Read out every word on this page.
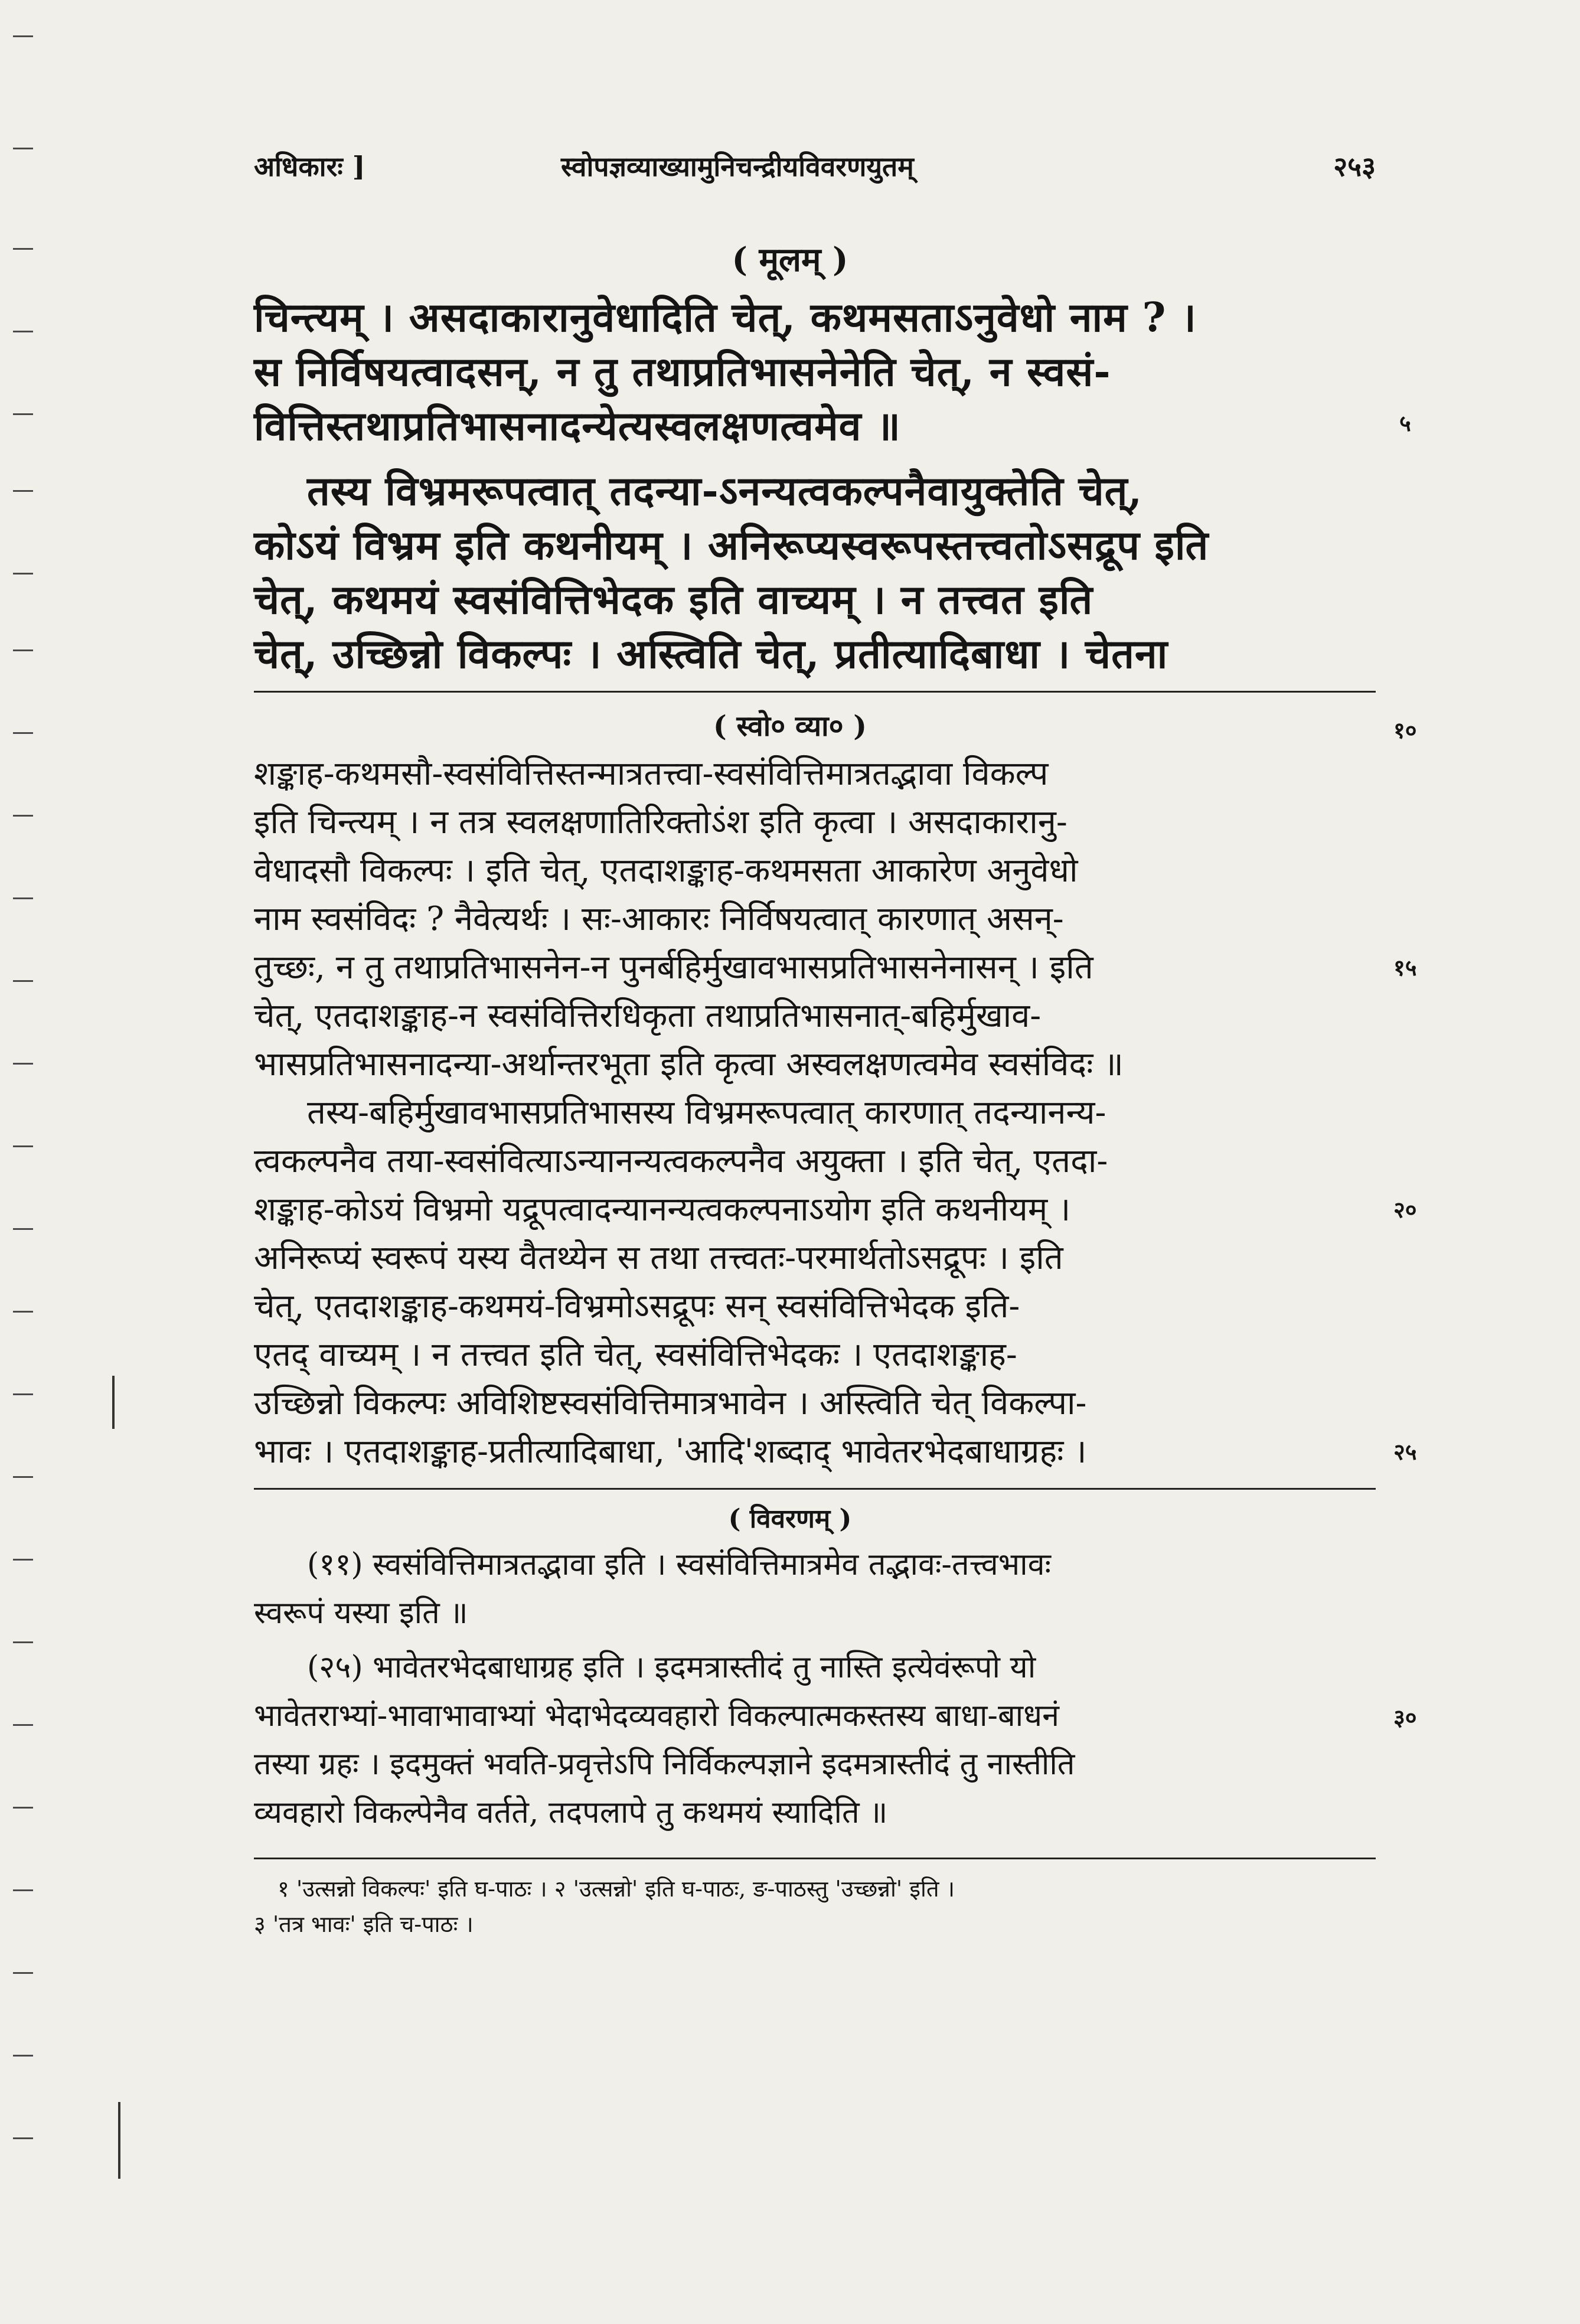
अधिकारः ]	स्वोपज्ञव्याख्यामुनिचन्द्रीयविवरणयुतम्	२५३
( मूलम् )
चिन्त्यम् । असदाकारानुवेधादिति चेत्, कथमसताऽनुवेधो नाम ? ।
स निर्विषयत्वादसन्, न तु तथाप्रतिभासनेनेति चेत्, न स्वसं-
वित्तिस्तथाप्रतिभासनादन्येत्यस्वलक्षणत्वमेव ॥
तस्य विभ्रमरूपत्वात् तदन्या-ऽनन्यत्वकल्पनैवायुक्तेति चेत्,
कोऽयं विभ्रम इति कथनीयम् । अनिरूप्यस्वरूपस्तत्त्वतोऽसद्रूप इति
चेत्, कथमयं स्वसंवित्तिभेदक इति वाच्यम् । न तत्त्वत इति
चेत्, उच्छिन्नो विकल्पः । अस्त्विति चेत्, प्रतीत्यादिबाधा । चेतना
( स्वो० व्या० )
शङ्काह-कथमसौ-स्वसंवित्तिस्तन्मात्रतत्त्वा-स्वसंवित्तिमात्रतद्भावा विकल्प
इति चिन्त्यम् । न तत्र स्वलक्षणातिरिक्तोऽंश इति कृत्वा । असदाकारानु-
वेधादसौ विकल्पः । इति चेत्, एतदाशङ्काह-कथमसता आकारेण अनुवेधो
नाम स्वसंविदः ? नैवेत्यर्थः । सः-आकारः निर्विषयत्वात् कारणात् असन्-
तुच्छः, न तु तथाप्रतिभासनेन-न पुनर्बहिर्मुखावभासप्रतिभासनेनासन् । इति
चेत्, एतदाशङ्काह-न स्वसंवित्तिरधिकृता तथाप्रतिभासनात्-बहिर्मुखाव-
भासप्रतिभासनादन्या-अर्थान्तरभूता इति कृत्वा अस्वलक्षणत्वमेव स्वसंविदः ॥
तस्य-बहिर्मुखावभासप्रतिभासस्य विभ्रमरूपत्वात् कारणात् तदन्यानन्य-
त्वकल्पनैव तया-स्वसंवित्याऽन्यानन्यत्वकल्पनैव अयुक्ता । इति चेत्, एतदा-
शङ्काह-कोऽयं विभ्रमो यद्रूपत्वादन्यानन्यत्वकल्पनाऽयोग इति कथनीयम् ।
अनिरूप्यं स्वरूपं यस्य वैतथ्येन स तथा तत्त्वतः-परमार्थतोऽसद्रूपः । इति
चेत्, एतदाशङ्काह-कथमयं-विभ्रमोऽसद्रूपः सन् स्वसंवित्तिभेदक इति-
एतद् वाच्यम् । न तत्त्वत इति चेत्, स्वसंवित्तिभेदकः । एतदाशङ्काह-
उच्छिन्नो विकल्पः अविशिष्टस्वसंवित्तिमात्रभावेन । अस्त्विति चेत् विकल्पा-
भावः । एतदाशङ्काह-प्रतीत्यादिबाधा, 'आदि'शब्दाद् भावेतरभेदबाधाग्रहः ।
( विवरणम् )
(११) स्वसंवित्तिमात्रतद्भावा इति । स्वसंवित्तिमात्रमेव तद्भावः-तत्त्वभावः
स्वरूपं यस्या इति ॥
(२५) भावेतरभेदबाधाग्रह इति । इदमत्रास्तीदं तु नास्ति इत्येवंरूपो यो
भावेतराभ्यां-भावाभावाभ्यां भेदाभेदव्यवहारो विकल्पात्मकस्तस्य बाधा-बाधनं
तस्या ग्रहः । इदमुक्तं भवति-प्रवृत्तेऽपि निर्विकल्पज्ञाने इदमत्रास्तीदं तु नास्तीति
व्यवहारो विकल्पेनैव वर्तते, तदपलापे तु कथमयं स्यादिति ॥
१ 'उत्सन्नो विकल्पः' इति घ-पाठः । २ 'उत्सन्नो' इति घ-पाठः, ङ-पाठस्तु 'उच्छन्नो' इति ।
३ 'तत्र भावः' इति च-पाठः ।
५
१०
१५
२०
२५
३०
